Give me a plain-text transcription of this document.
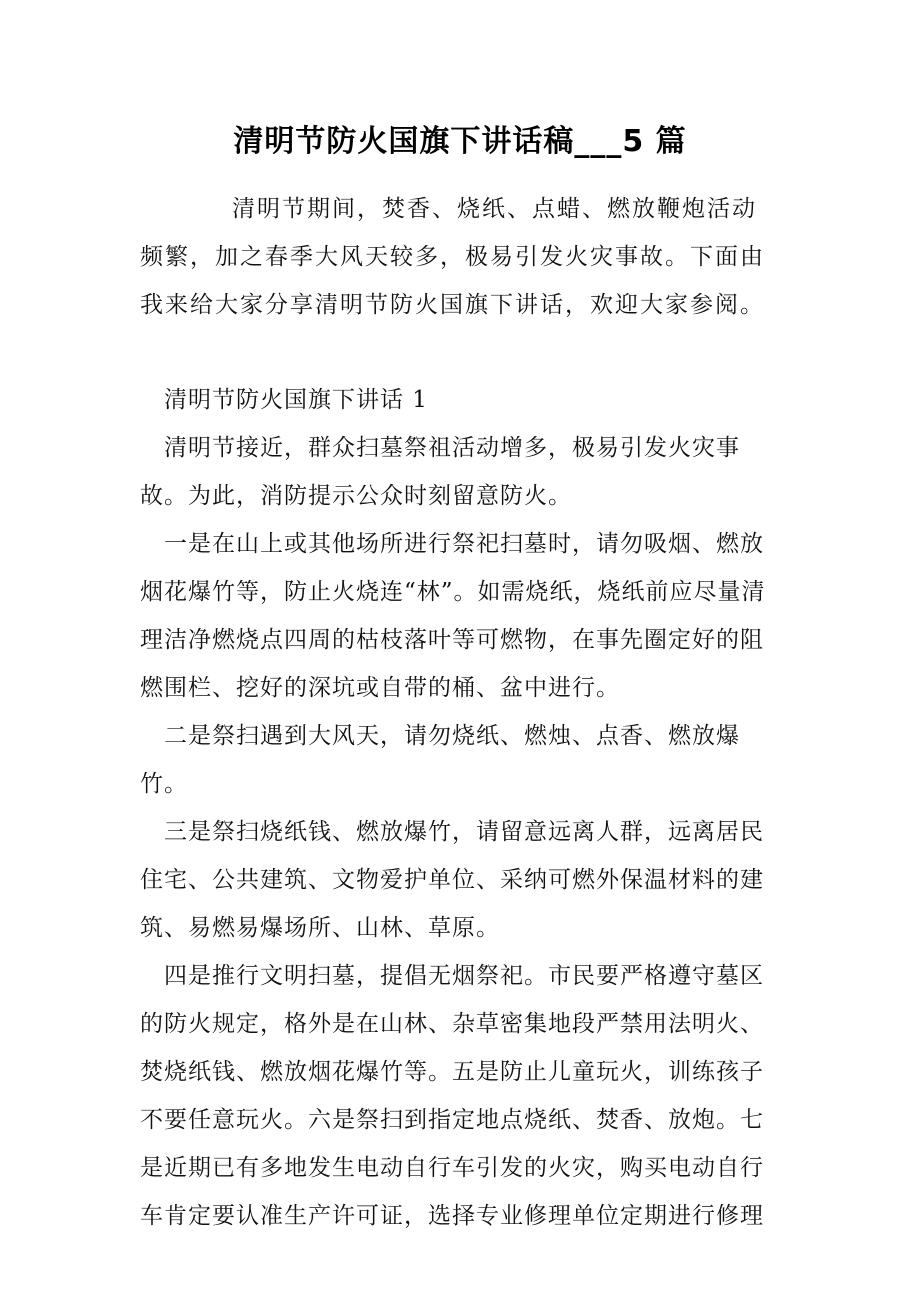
清明节防火国旗下讲话稿___5 篇
清明节期间，焚香、烧纸、点蜡、燃放鞭炮活动频繁，加之春季大风天较多，极易引发火灾事故。下面由我来给大家分享清明节防火国旗下讲话，欢迎大家参阅。

清明节防火国旗下讲话 1

清明节接近，群众扫墓祭祖活动增多，极易引发火灾事故。为此，消防提示公众时刻留意防火。

一是在山上或其他场所进行祭祀扫墓时，请勿吸烟、燃放烟花爆竹等，防止火烧连“林”。如需烧纸，烧纸前应尽量清理洁净燃烧点四周的枯枝落叶等可燃物，在事先圈定好的阻燃围栏、挖好的深坑或自带的桶、盆中进行。

二是祭扫遇到大风天，请勿烧纸、燃烛、点香、燃放爆竹。

三是祭扫烧纸钱、燃放爆竹，请留意远离人群，远离居民住宅、公共建筑、文物爱护单位、采纳可燃外保温材料的建筑、易燃易爆场所、山林、草原。

四是推行文明扫墓，提倡无烟祭祀。市民要严格遵守墓区的防火规定，格外是在山林、杂草密集地段严禁用法明火、焚烧纸钱、燃放烟花爆竹等。五是防止儿童玩火，训练孩子不要任意玩火。六是祭扫到指定地点烧纸、焚香、放炮。七是近期已有多地发生电动自行车引发的火灾，购买电动自行车肯定要认准生产许可证，选择专业修理单位定期进行修理
